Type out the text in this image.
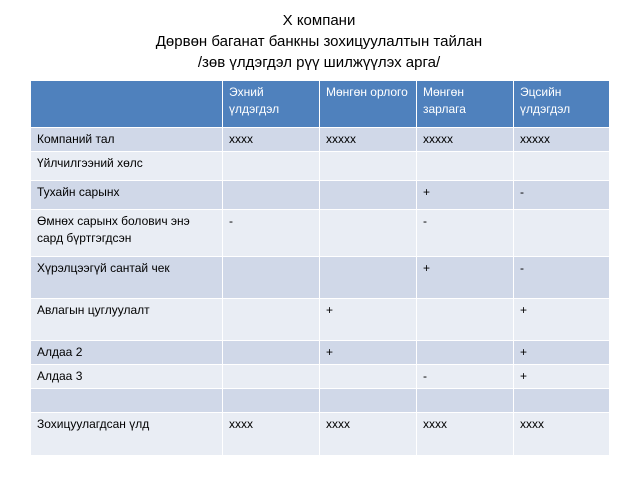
Х компани
Дөрвөн баганат банкны зохицуулалтын тайлан
/зөв үлдэгдэл рүү шилжүүлэх арга/
	Эхний үлдэгдэл	Мөнгөн орлого	Мөнгөн зарлага	Эцсийн үлдэгдэл
Компаний тал	xxxx	xxxxx	xxxxx	xxxxx
Үйлчилгээний хөлс				
Тухайн сарынх			+	-
Өмнөх сарынх болович энэ сард бүртгэгдсэн	-		-	
Хүрэлцээгүй сантай чек			+	-
Авлагын цуглуулалт		+		+
Алдаа 2		+		+
Алдаа 3			-	+

Зохицуулагдсан үлд	xxxx	xxxx	xxxx	xxxx
